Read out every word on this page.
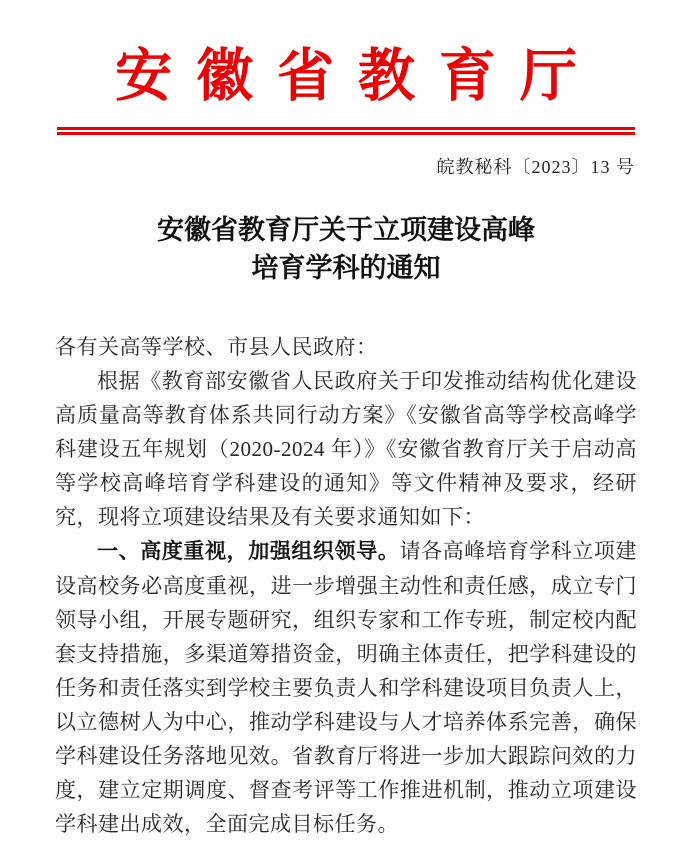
安徽省教育厅
皖教秘科〔2023〕13 号
安徽省教育厅关于立项建设高峰
培育学科的通知

各有关高等学校、市县人民政府：

根据《教育部安徽省人民政府关于印发推动结构优化建设高质量高等教育体系共同行动方案》《安徽省高等学校高峰学科建设五年规划（2020-2024 年）》《安徽省教育厅关于启动高等学校高峰培育学科建设的通知》等文件精神及要求，经研究，现将立项建设结果及有关要求通知如下：

一、高度重视，加强组织领导。请各高峰培育学科立项建设高校务必高度重视，进一步增强主动性和责任感，成立专门领导小组，开展专题研究，组织专家和工作专班，制定校内配套支持措施，多渠道筹措资金，明确主体责任，把学科建设的任务和责任落实到学校主要负责人和学科建设项目负责人上，以立德树人为中心，推动学科建设与人才培养体系完善，确保学科建设任务落地见效。省教育厅将进一步加大跟踪问效的力度，建立定期调度、督查考评等工作推进机制，推动立项建设学科建出成效，全面完成目标任务。
